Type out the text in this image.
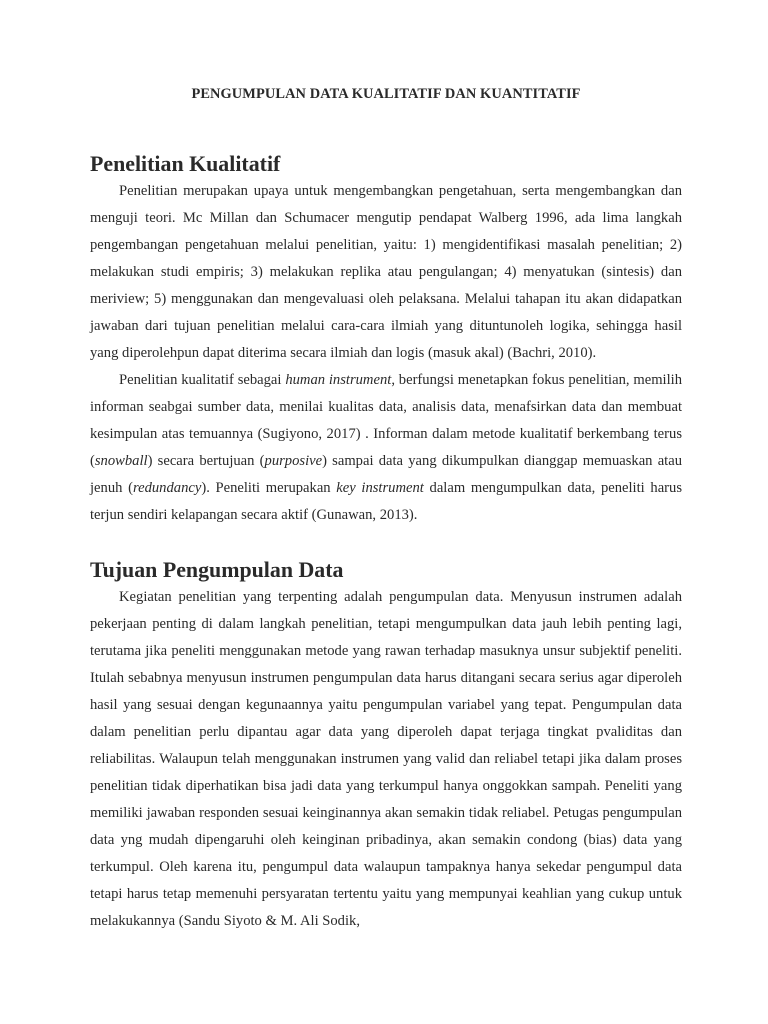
PENGUMPULAN DATA KUALITATIF DAN KUANTITATIF
Penelitian Kualitatif

Penelitian merupakan upaya untuk mengembangkan pengetahuan, serta mengembangkan dan menguji teori. Mc Millan dan Schumacer mengutip pendapat Walberg 1996, ada lima langkah pengembangan pengetahuan melalui penelitian, yaitu: 1) mengidentifikasi masalah penelitian; 2) melakukan studi empiris; 3) melakukan replika atau pengulangan; 4) menyatukan (sintesis) dan meriview; 5) menggunakan dan mengevaluasi oleh pelaksana. Melalui tahapan itu akan didapatkan jawaban dari tujuan penelitian melalui cara-cara ilmiah yang dituntunoleh logika, sehingga hasil yang diperolehpun dapat diterima secara ilmiah dan logis (masuk akal) (Bachri, 2010).

Penelitian kualitatif sebagai human instrument, berfungsi menetapkan fokus penelitian, memilih informan seabgai sumber data, menilai kualitas data, analisis data, menafsirkan data dan membuat kesimpulan atas temuannya (Sugiyono, 2017) . Informan dalam metode kualitatif berkembang terus (snowball) secara bertujuan (purposive) sampai data yang dikumpulkan dianggap memuaskan atau jenuh (redundancy). Peneliti merupakan key instrument dalam mengumpulkan data, peneliti harus terjun sendiri kelapangan secara aktif (Gunawan, 2013).

Tujuan Pengumpulan Data

Kegiatan penelitian yang terpenting adalah pengumpulan data. Menyusun instrumen adalah pekerjaan penting di dalam langkah penelitian, tetapi mengumpulkan data jauh lebih penting lagi, terutama jika peneliti menggunakan metode yang rawan terhadap masuknya unsur subjektif peneliti. Itulah sebabnya menyusun instrumen pengumpulan data harus ditangani secara serius agar diperoleh hasil yang sesuai dengan kegunaannya yaitu pengumpulan variabel yang tepat. Pengumpulan data dalam penelitian perlu dipantau agar data yang diperoleh dapat terjaga tingkat pvaliditas dan reliabilitas. Walaupun telah menggunakan instrumen yang valid dan reliabel tetapi jika dalam proses penelitian tidak diperhatikan bisa jadi data yang terkumpul hanya onggokkan sampah. Peneliti yang memiliki jawaban responden sesuai keinginannya akan semakin tidak reliabel. Petugas pengumpulan data yng mudah dipengaruhi oleh keinginan pribadinya, akan semakin condong (bias) data yang terkumpul. Oleh karena itu, pengumpul data walaupun tampaknya hanya sekedar pengumpul data tetapi harus tetap memenuhi persyaratan tertentu yaitu yang mempunyai keahlian yang cukup untuk melakukannya (Sandu Siyoto & M. Ali Sodik,
